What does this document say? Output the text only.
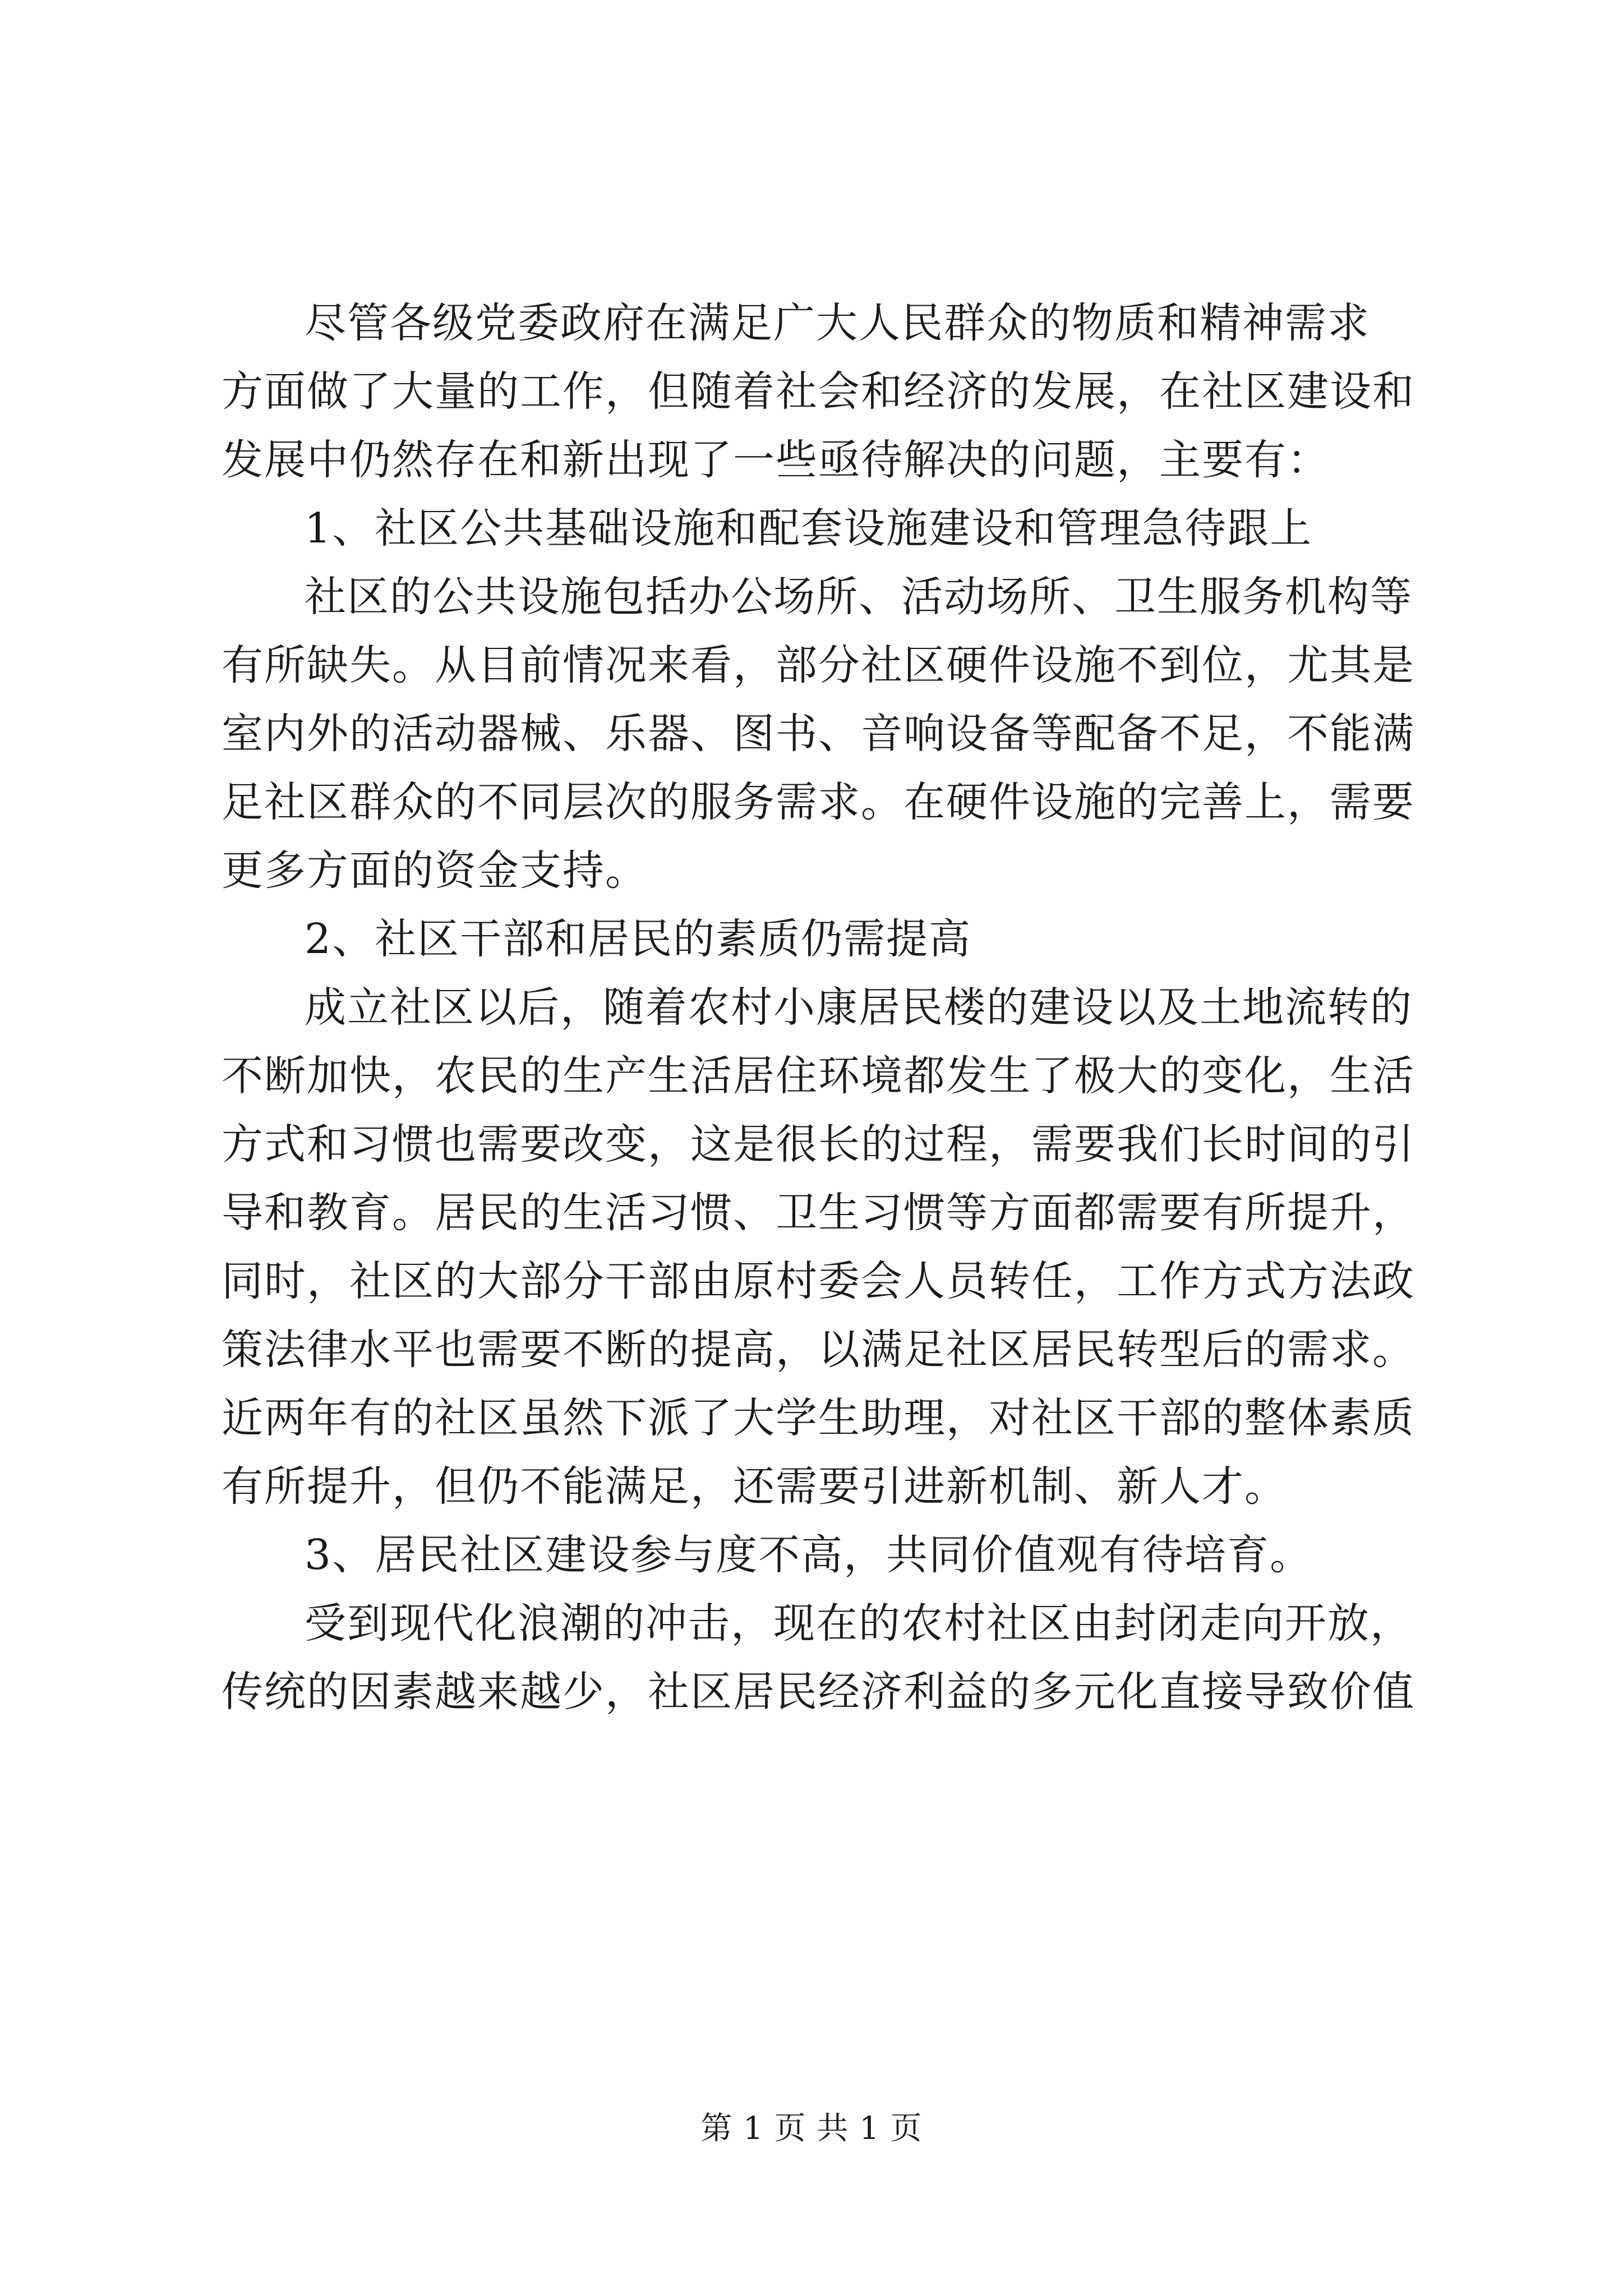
尽管各级党委政府在满足广大人民群众的物质和精神需求
方面做了大量的工作，但随着社会和经济的发展，在社区建设和
发展中仍然存在和新出现了一些亟待解决的问题，主要有：

1、社区公共基础设施和配套设施建设和管理急待跟上

社区的公共设施包括办公场所、活动场所、卫生服务机构等
有所缺失。从目前情况来看，部分社区硬件设施不到位，尤其是
室内外的活动器械、乐器、图书、音响设备等配备不足，不能满
足社区群众的不同层次的服务需求。在硬件设施的完善上，需要
更多方面的资金支持。

2、社区干部和居民的素质仍需提高

成立社区以后，随着农村小康居民楼的建设以及土地流转的
不断加快，农民的生产生活居住环境都发生了极大的变化，生活
方式和习惯也需要改变，这是很长的过程，需要我们长时间的引
导和教育。居民的生活习惯、卫生习惯等方面都需要有所提升，
同时，社区的大部分干部由原村委会人员转任，工作方式方法政
策法律水平也需要不断的提高，以满足社区居民转型后的需求。
近两年有的社区虽然下派了大学生助理，对社区干部的整体素质
有所提升，但仍不能满足，还需要引进新机制、新人才。

3、居民社区建设参与度不高，共同价值观有待培育。

受到现代化浪潮的冲击，现在的农村社区由封闭走向开放，
传统的因素越来越少，社区居民经济利益的多元化直接导致价值

第 1 页 共 1 页
